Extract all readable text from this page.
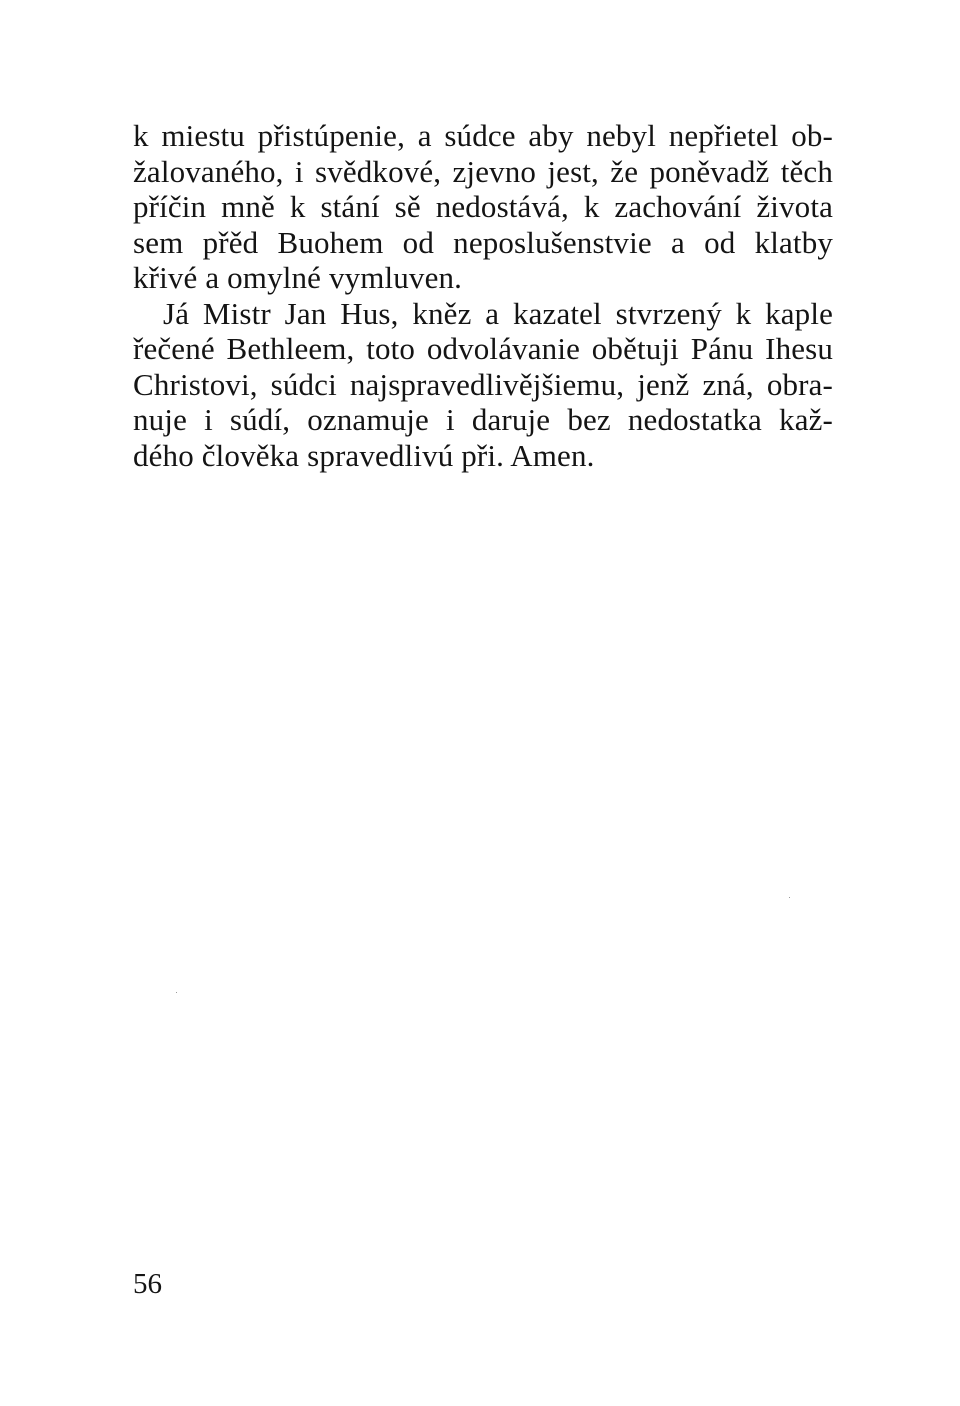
k miestu přistúpenie, a súdce aby nebyl nepřietel ob-
žalovaného, i svědkové, zjevno jest, že poněvadž těch
příčin mně k stání sě nedostává, k zachování života
sem přěd Buohem od neposlušenstvie a od klatby
křivé a omylné vymluven.
Já Mistr Jan Hus, kněz a kazatel stvrzený k kaple
řečené Bethleem, toto odvolávanie obětuji Pánu Ihesu
Christovi, súdci najspravedlivějšiemu, jenž zná, obra-
nuje i súdí, oznamuje i daruje bez nedostatka kaž-
dého člověka spravedlivú při. Amen.
56
